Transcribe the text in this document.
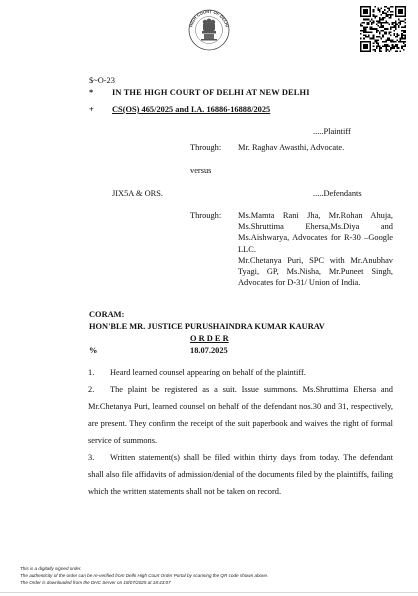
HIGH COURT OF DELHI
$~O-23
* IN THE HIGH COURT OF DELHI AT NEW DELHI
+ CS(OS) 465/2025 and I.A. 16886-16888/2025
.....Plaintiff
Through: Mr. Raghav Awasthi, Advocate.
versus
JIX5A & ORS.	.....Defendants
Through: Ms.Mamta Rani Jha, Mr.Rohan Ahuja, Ms.Shruttima Ehersa,Ms.Diya and Ms.Aishwarya, Advocates for R-30 –Google LLC.
Mr.Chetanya Puri, SPC with Mr.Anubhav Tyagi, GP, Ms.Nisha, Mr.Puneet Singh, Advocates for D-31/ Union of India.
CORAM:
HON'BLE MR. JUSTICE PURUSHAINDRA KUMAR KAURAV
O R D E R
%	18.07.2025
1. Heard learned counsel appearing on behalf of the plaintiff.
2. The plaint be registered as a suit. Issue summons. Ms.Shruttima Ehersa and Mr.Chetanya Puri, learned counsel on behalf of the defendant nos.30 and 31, respectively, are present. They confirm the receipt of the suit paperbook and waives the right of formal service of summons.
3. Written statement(s) shall be filed within thirty days from today. The defendant shall also file affidavits of admission/denial of the documents filed by the plaintiffs, failing which the written statements shall not be taken on record.
This is a digitally signed order.
The authenticity of the order can be re-verified from Delhi High Court Order Portal by scanning the QR code shown above.
The Order is downloaded from the DHC Server on 18/07/2025 at 18:43:07
